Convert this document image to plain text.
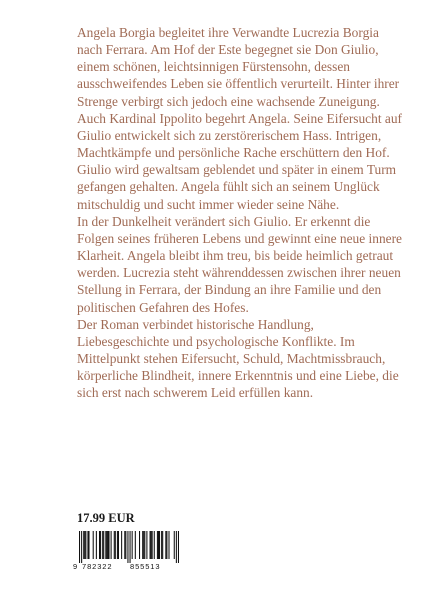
Angela Borgia begleitet ihre Verwandte Lucrezia Borgia nach Ferrara. Am Hof der Este begegnet sie Don Giulio, einem schönen, leichtsinnigen Fürstensohn, dessen ausschweifendes Leben sie öffentlich verurteilt. Hinter ihrer Strenge verbirgt sich jedoch eine wachsende Zuneigung.

Auch Kardinal Ippolito begehrt Angela. Seine Eifersucht auf Giulio entwickelt sich zu zerstörerischem Hass. Intrigen, Machtkämpfe und persönliche Rache erschüttern den Hof. Giulio wird gewaltsam geblendet und später in einem Turm gefangen gehalten. Angela fühlt sich an seinem Unglück mitschuldig und sucht immer wieder seine Nähe.

In der Dunkelheit verändert sich Giulio. Er erkennt die Folgen seines früheren Lebens und gewinnt eine neue innere Klarheit. Angela bleibt ihm treu, bis beide heimlich getraut werden. Lucrezia steht währenddessen zwischen ihrer neuen Stellung in Ferrara, der Bindung an ihre Familie und den politischen Gefahren des Hofes.

Der Roman verbindet historische Handlung, Liebesgeschichte und psychologische Konflikte. Im Mittelpunkt stehen Eifersucht, Schuld, Machtmissbrauch, körperliche Blindheit, innere Erkenntnis und eine Liebe, die sich erst nach schwerem Leid erfüllen kann.

17.99 EUR
9 782322 855513
